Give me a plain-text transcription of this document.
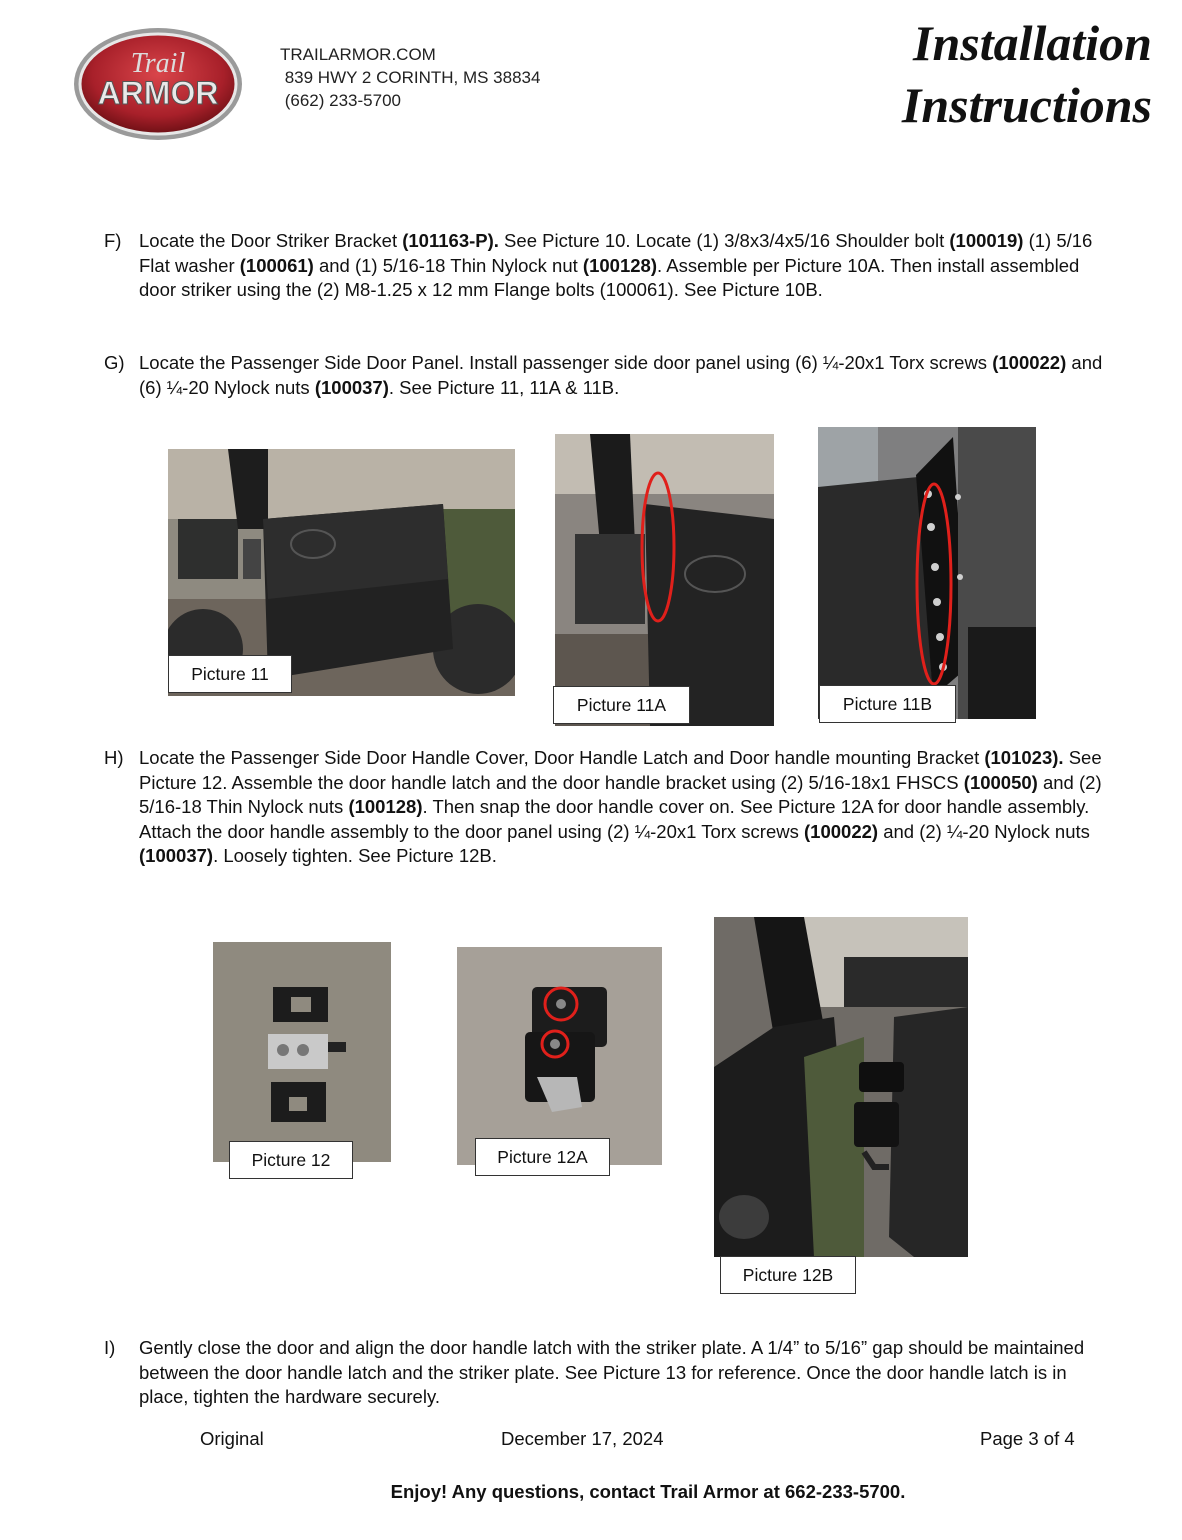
Trail
ARMOR
TRAILARMOR.COM
839 HWY 2 CORINTH, MS 38834
(662) 233-5700
Installation
Instructions
F) Locate the Door Striker Bracket (101163-P). See Picture 10. Locate (1) 3/8x3/4x5/16 Shoulder bolt (100019) (1) 5/16 Flat washer (100061) and (1) 5/16-18 Thin Nylock nut (100128). Assemble per Picture 10A. Then install assembled door striker using the (2) M8-1.25 x 12 mm Flange bolts (100061). See Picture 10B.
G) Locate the Passenger Side Door Panel. Install passenger side door panel using (6) ¼-20x1 Torx screws (100022) and (6) ¼-20 Nylock nuts (100037). See Picture 11, 11A & 11B.
Picture 11
Picture 11A	Picture 11B
H) Locate the Passenger Side Door Handle Cover, Door Handle Latch and Door handle mounting Bracket (101023). See Picture 12. Assemble the door handle latch and the door handle bracket using (2) 5/16-18x1 FHSCS (100050) and (2) 5/16-18 Thin Nylock nuts (100128). Then snap the door handle cover on. See Picture 12A for door handle assembly. Attach the door handle assembly to the door panel using (2) ¼-20x1 Torx screws (100022) and (2) ¼-20 Nylock nuts (100037). Loosely tighten. See Picture 12B.
Picture 12	Picture 12A
Picture 12B
I) Gently close the door and align the door handle latch with the striker plate. A 1/4” to 5/16” gap should be maintained between the door handle latch and the striker plate. See Picture 13 for reference. Once the door handle latch is in place, tighten the hardware securely.
Original	December 17, 2024	Page 3 of 4
Enjoy! Any questions, contact Trail Armor at 662-233-5700.
